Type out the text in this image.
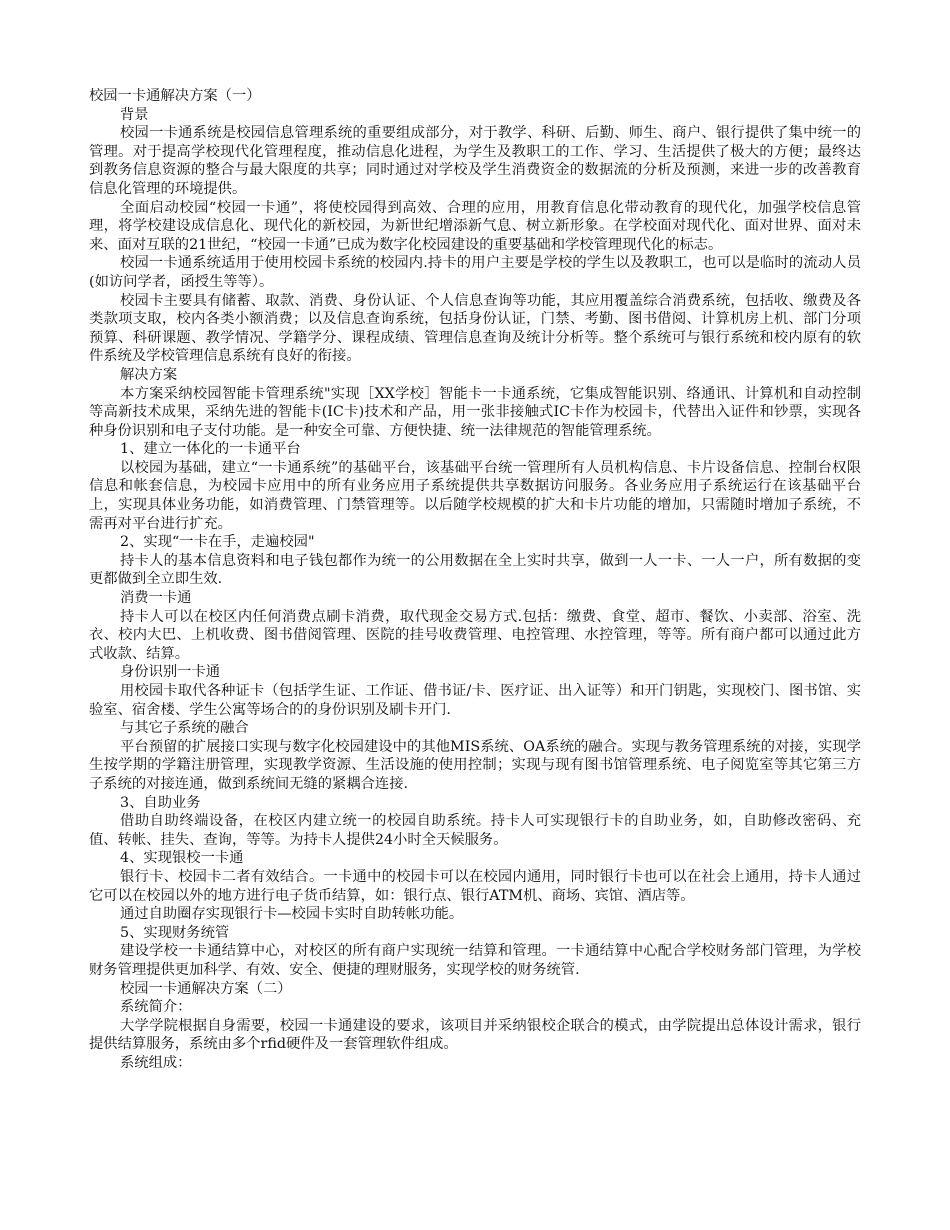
校园一卡通解决方案（一）

背景

校园一卡通系统是校园信息管理系统的重要组成部分，对于教学、科研、后勤、师生、商户、银行提供了集中统一的管理。对于提高学校现代化管理程度，推动信息化进程，为学生及教职工的工作、学习、生活提供了极大的方便；最终达到教务信息资源的整合与最大限度的共享；同时通过对学校及学生消费资金的数据流的分析及预测，来进一步的改善教育信息化管理的环境提供。

全面启动校园“校园一卡通”，将使校园得到高效、合理的应用，用教育信息化带动教育的现代化，加强学校信息管理，将学校建设成信息化、现代化的新校园，为新世纪增添新气息、树立新形象。在学校面对现代化、面对世界、面对未来、面对互联的21世纪，“校园一卡通”已成为数字化校园建设的重要基础和学校管理现代化的标志。

校园一卡通系统适用于使用校园卡系统的校园内.持卡的用户主要是学校的学生以及教职工，也可以是临时的流动人员(如访问学者，函授生等等）。

校园卡主要具有储蓄、取款、消费、身份认证、个人信息查询等功能，其应用覆盖综合消费系统，包括收、缴费及各类款项支取，校内各类小额消费；以及信息查询系统，包括身份认证，门禁、考勤、图书借阅、计算机房上机、部门分项预算、科研课题、教学情况、学籍学分、课程成绩、管理信息查询及统计分析等。整个系统可与银行系统和校内原有的软件系统及学校管理信息系统有良好的衔接。

解决方案

本方案采纳校园智能卡管理系统"实现［XX学校］智能卡一卡通系统，它集成智能识别、络通讯、计算机和自动控制等高新技术成果，采纳先进的智能卡(IC卡)技术和产品，用一张非接触式IC卡作为校园卡，代替出入证件和钞票，实现各种身份识别和电子支付功能。是一种安全可靠、方便快捷、统一法律规范的智能管理系统。

1、建立一体化的一卡通平台

以校园为基础，建立“一卡通系统”的基础平台，该基础平台统一管理所有人员机构信息、卡片设备信息、控制台权限信息和帐套信息，为校园卡应用中的所有业务应用子系统提供共享数据访问服务。各业务应用子系统运行在该基础平台上，实现具体业务功能，如消费管理、门禁管理等。以后随学校规模的扩大和卡片功能的增加，只需随时增加子系统，不需再对平台进行扩充。

2、实现“一卡在手，走遍校园"

持卡人的基本信息资料和电子钱包都作为统一的公用数据在全上实时共享，做到一人一卡、一人一户，所有数据的变更都做到全立即生效.

消费一卡通

持卡人可以在校区内任何消费点刷卡消费，取代现金交易方式.包括：缴费、食堂、超市、餐饮、小卖部、浴室、洗衣、校内大巴、上机收费、图书借阅管理、医院的挂号收费管理、电控管理、水控管理，等等。所有商户都可以通过此方式收款、结算。

身份识别一卡通

用校园卡取代各种证卡（包括学生证、工作证、借书证/卡、医疗证、出入证等）和开门钥匙，实现校门、图书馆、实验室、宿舍楼、学生公寓等场合的的身份识别及刷卡开门.

与其它子系统的融合

平台预留的扩展接口实现与数字化校园建设中的其他MIS系统、OA系统的融合。实现与教务管理系统的对接，实现学生按学期的学籍注册管理，实现教学资源、生活设施的使用控制；实现与现有图书馆管理系统、电子阅览室等其它第三方子系统的对接连通，做到系统间无缝的紧耦合连接.

3、自助业务

借助自助终端设备，在校区内建立统一的校园自助系统。持卡人可实现银行卡的自助业务，如，自助修改密码、充值、转帐、挂失、查询，等等。为持卡人提供24小时全天候服务。

4、实现银校一卡通

银行卡、校园卡二者有效结合。一卡通中的校园卡可以在校园内通用，同时银行卡也可以在社会上通用，持卡人通过它可以在校园以外的地方进行电子货币结算，如：银行点、银行ATM机、商场、宾馆、酒店等。

通过自助圈存实现银行卡—校园卡实时自助转帐功能。

5、实现财务统管

建设学校一卡通结算中心，对校区的所有商户实现统一结算和管理。一卡通结算中心配合学校财务部门管理，为学校财务管理提供更加科学、有效、安全、便捷的理财服务，实现学校的财务统管.

校园一卡通解决方案（二）

系统简介：

大学学院根据自身需要，校园一卡通建设的要求，该项目并采纳银校企联合的模式，由学院提出总体设计需求，银行提供结算服务，系统由多个rfid硬件及一套管理软件组成。

系统组成：
